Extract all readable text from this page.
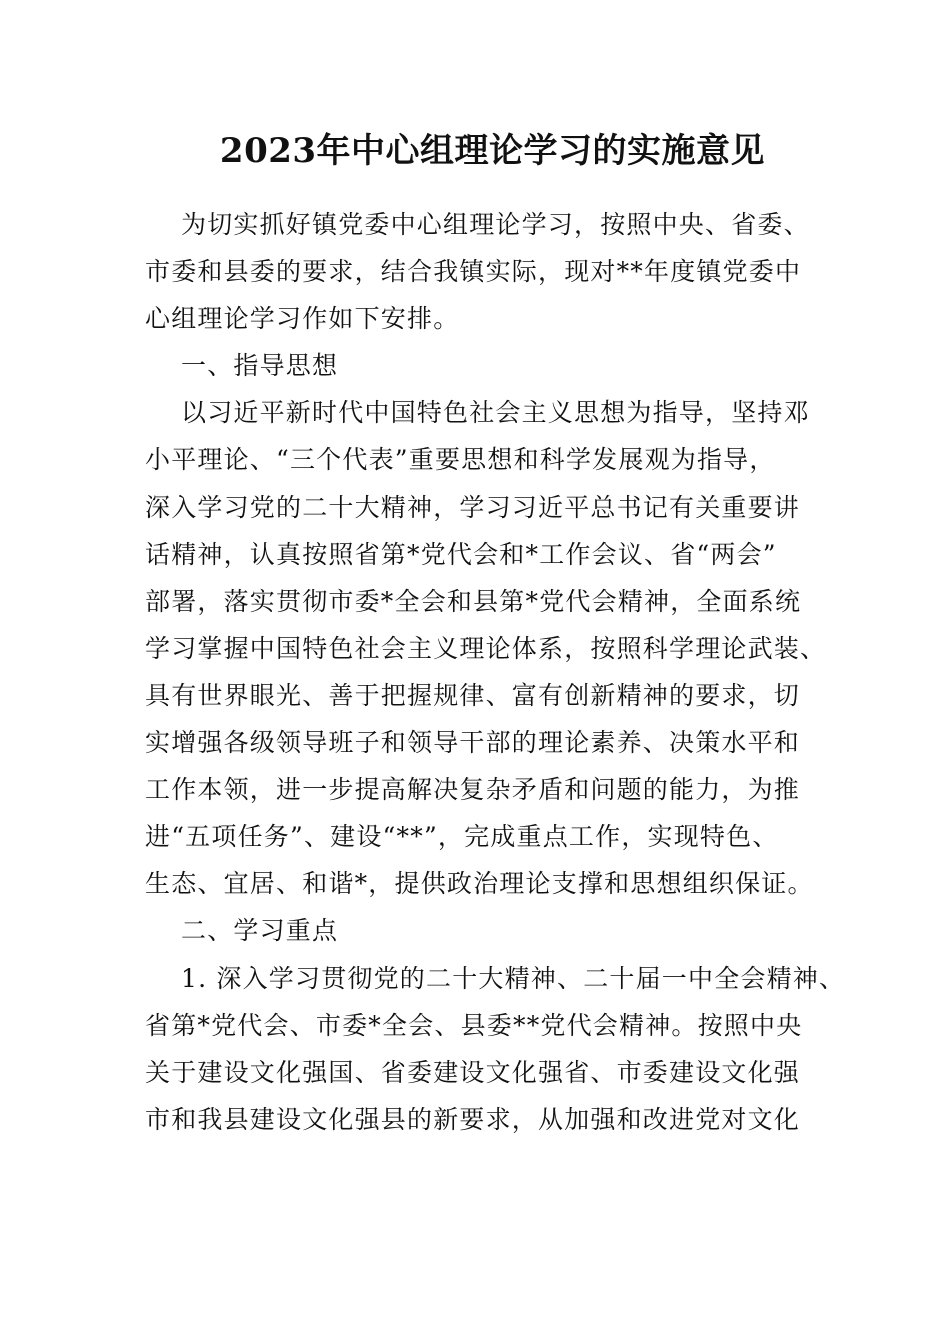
2023年中心组理论学习的实施意见
为切实抓好镇党委中心组理论学习，按照中央、省委、
市委和县委的要求，结合我镇实际，现对**年度镇党委中
心组理论学习作如下安排。
一、指导思想
以习近平新时代中国特色社会主义思想为指导，坚持邓
小平理论、“三个代表”重要思想和科学发展观为指导，
深入学习党的二十大精神，学习习近平总书记有关重要讲
话精神，认真按照省第*党代会和*工作会议、省“两会”
部署，落实贯彻市委*全会和县第*党代会精神，全面系统
学习掌握中国特色社会主义理论体系，按照科学理论武装、
具有世界眼光、善于把握规律、富有创新精神的要求，切
实增强各级领导班子和领导干部的理论素养、决策水平和
工作本领，进一步提高解决复杂矛盾和问题的能力，为推
进“五项任务”、建设“**”，完成重点工作，实现特色、
生态、宜居、和谐*，提供政治理论支撑和思想组织保证。
二、学习重点
1. 深入学习贯彻党的二十大精神、二十届一中全会精神、
省第*党代会、市委*全会、县委**党代会精神。按照中央
关于建设文化强国、省委建设文化强省、市委建设文化强
市和我县建设文化强县的新要求，从加强和改进党对文化
